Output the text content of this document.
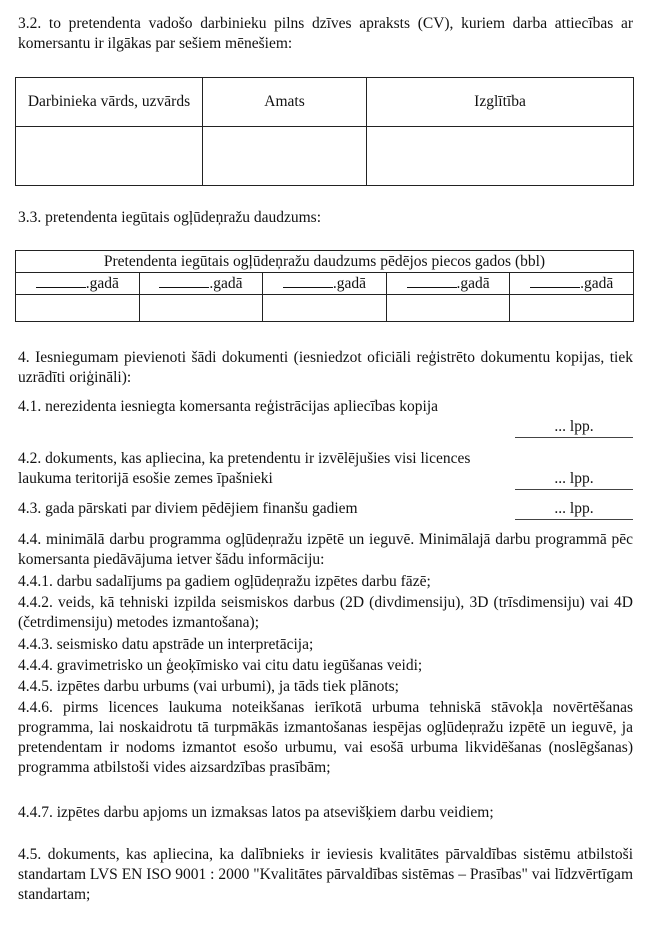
3.2. to pretendenta vadošo darbinieku pilns dzīves apraksts (CV), kuriem darba attiecības ar komersantu ir ilgākas par sešiem mēnešiem:

Darbinieka vārds, uzvārds	Amats	Izglītība

3.3. pretendenta iegūtais ogļūdeņražu daudzums:

Pretendenta iegūtais ogļūdeņražu daudzums pēdējos piecos gados (bbl)				
.gadā	.gadā	.gadā	.gadā	.gadā

4. Iesniegumam pievienoti šādi dokumenti (iesniedzot oficiāli reģistrēto dokumentu kopijas, tiek uzrādīti oriģināli):

4.1. nerezidenta iesniegta komersanta reģistrācijas apliecības kopija

... lpp.

4.2. dokuments, kas apliecina, ka pretendentu ir izvēlējušies visi licences laukuma teritorijā esošie zemes īpašnieki	... lpp.

4.3. gada pārskati par diviem pēdējiem finanšu gadiem	... lpp.

4.4. minimālā darbu programma ogļūdeņražu izpētē un ieguvē. Minimālajā darbu programmā pēc komersanta piedāvājuma ietver šādu informāciju:

4.4.1. darbu sadalījums pa gadiem ogļūdeņražu izpētes darbu fāzē;

4.4.2. veids, kā tehniski izpilda seismiskos darbus (2D (divdimensiju), 3D (trīsdimensiju) vai 4D (četrdimensiju) metodes izmantošana);

4.4.3. seismisko datu apstrāde un interpretācija;

4.4.4. gravimetrisko un ģeoķīmisko vai citu datu iegūšanas veidi;

4.4.5. izpētes darbu urbums (vai urbumi), ja tāds tiek plānots;

4.4.6. pirms licences laukuma noteikšanas ierīkotā urbuma tehniskā stāvokļa novērtēšanas programma, lai noskaidrotu tā turpmākās izmantošanas iespējas ogļūdeņražu izpētē un ieguvē, ja pretendentam ir nodoms izmantot esošo urbumu, vai esošā urbuma likvidēšanas (noslēgšanas) programma atbilstoši vides aizsardzības prasībām;

4.4.7. izpētes darbu apjoms un izmaksas latos pa atsevišķiem darbu veidiem;

4.5. dokuments, kas apliecina, ka dalībnieks ir ieviesis kvalitātes pārvaldības sistēmu atbilstoši standartam LVS EN ISO 9001 : 2000 "Kvalitātes pārvaldības sistēmas – Prasības" vai līdzvērtīgam standartam;
